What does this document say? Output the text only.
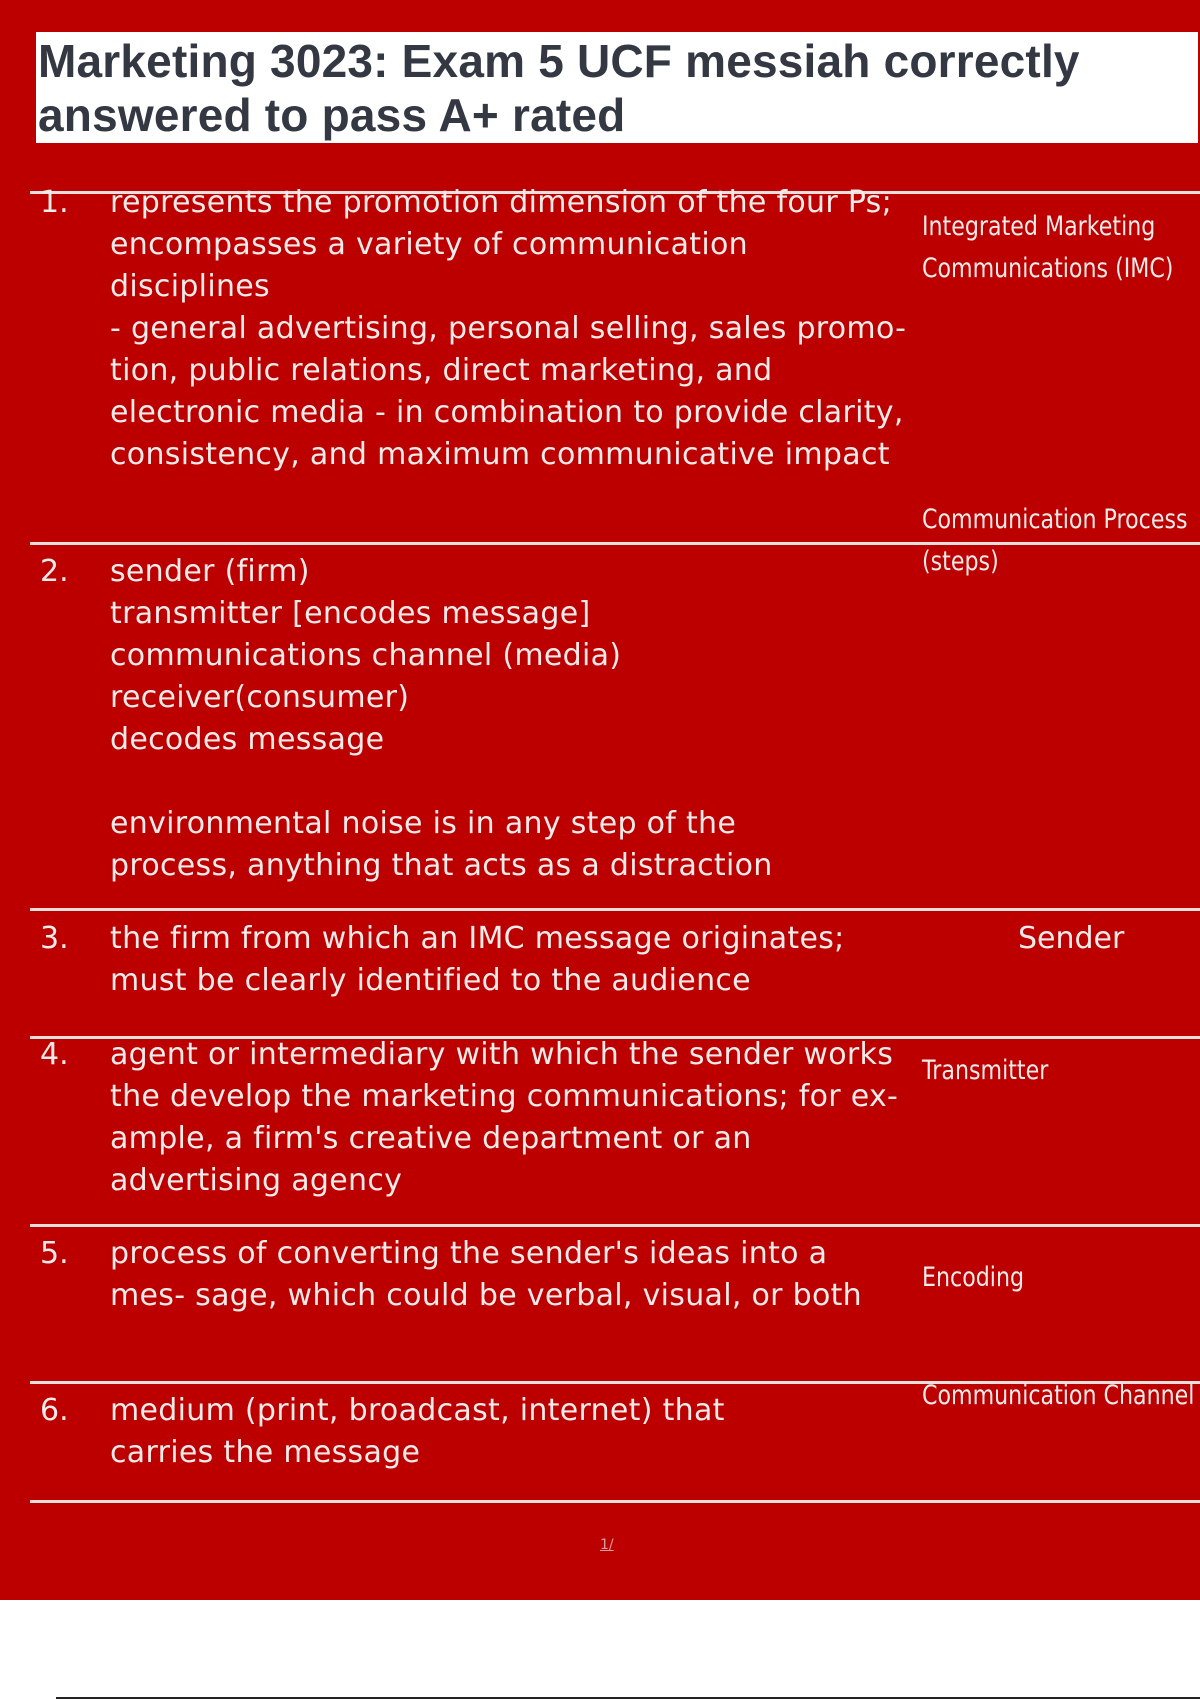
Marketing 3023: Exam 5 UCF messiah correctly answered to pass A+ rated
1. represents the promotion dimension of the four Ps; encompasses a variety of communication disciplines
- general advertising, personal selling, sales promo- tion, public relations, direct marketing, and electronic media - in combination to provide clarity, consistency, and maximum communicative impact
Integrated Marketing Communications (IMC)
2. sender (firm)
transmitter [encodes message]
communications channel (media)
receiver(consumer)
decodes message

environmental noise is in any step of the process, anything that acts as a distraction
Communication Process (steps)
3. the firm from which an IMC message originates; must be clearly identified to the audience
Sender
4. agent or intermediary with which the sender works the develop the marketing communications; for ex- ample, a firm's creative department or an advertising agency
Transmitter
5. process of converting the sender's ideas into a mes- sage, which could be verbal, visual, or both
Encoding
6. medium (print, broadcast, internet) that carries the message
Communication Channel
1/
